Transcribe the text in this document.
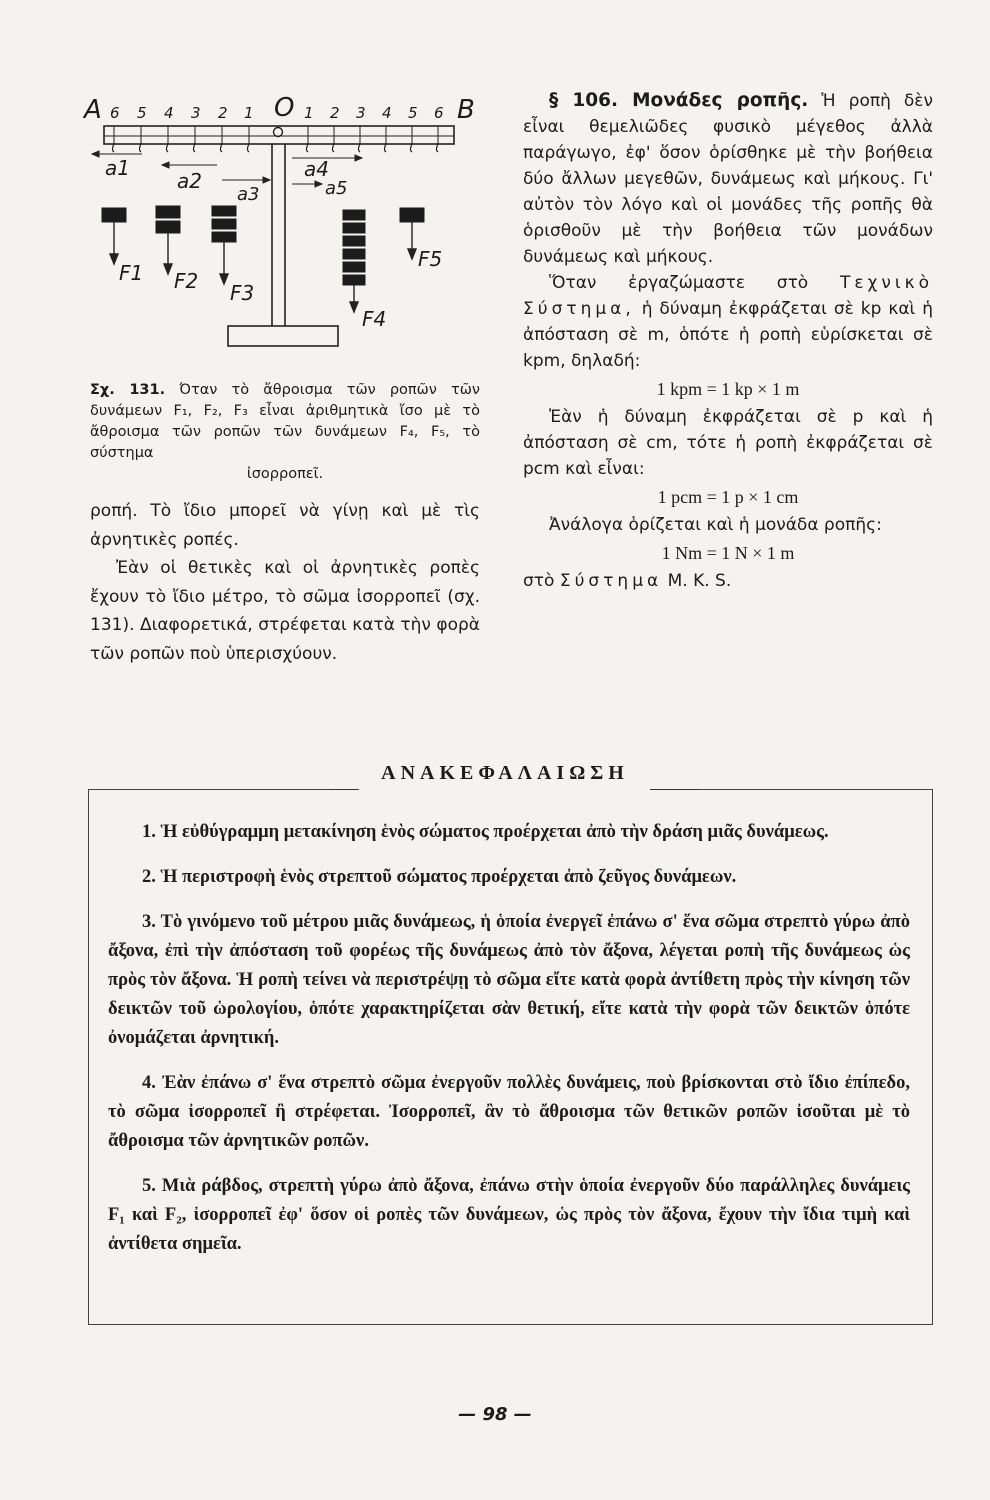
A	B
O
6 5 4 3 2 1	1 2 3 4 5 6
a1
a2
a3
a4
a5
F1 F2 F3
F4
F5
Σχ. 131. Όταν τὸ ἄθροισμα τῶν ροπῶν τῶν δυνάμεων F₁, F₂, F₃ εἶναι ἀριθμητικὰ ἴσο μὲ τὸ ἄθροισμα τῶν ροπῶν τῶν δυνάμεων F₄, F₅, τὸ σύστημα
ἰσορροπεῖ.

ροπή. Τὸ ἴδιο μπορεῖ νὰ γίνῃ καὶ μὲ τὶς ἀρνητικὲς ροπές.

Ἐὰν οἱ θετικὲς καὶ οἱ ἀρνητικὲς ροπὲς ἔχουν τὸ ἴδιο μέτρο, τὸ σῶμα ἰσορροπεῖ (σχ. 131). Διαφορετικά, στρέφεται κατὰ τὴν φορὰ τῶν ροπῶν ποὺ ὑπερισχύουν.

§ 106. Μονάδες ροπῆς. Ἡ ροπὴ δὲν εἶναι θεμελιῶδες φυσικὸ μέγεθος ἀλλὰ παράγωγο, ἐφ' ὅσον ὁρίσθηκε μὲ τὴν βοήθεια δύο ἄλλων μεγεθῶν, δυνάμεως καὶ μήκους. Γι' αὐτὸν τὸν λόγο καὶ οἱ μονάδες τῆς ροπῆς θὰ ὁρισθοῦν μὲ τὴν βοήθεια τῶν μονάδων δυνάμεως καὶ μήκους.

Ὅταν ἐργαζώμαστε στὸ Τεχνικὸ Σύστημα, ἡ δύναμη ἐκφράζεται σὲ kp καὶ ἡ ἀπόσταση σὲ m, ὁπότε ἡ ροπὴ εὑρίσκεται σὲ kpm, δηλαδή:

1 kpm = 1 kp × 1 m

Ἐὰν ἡ δύναμη ἐκφράζεται σὲ p καὶ ἡ ἀπόσταση σὲ cm, τότε ἡ ροπὴ ἐκφράζεται σὲ pcm καὶ εἶναι:

1 pcm = 1 p × 1 cm

Ἀνάλογα ὁρίζεται καὶ ἡ μονάδα ροπῆς:

1 Nm = 1 N × 1 m

στὸ Σύστημα M. K. S.

ΑΝΑΚΕΦΑΛΑΙΩΣΗ

1. Ἡ εὐθύγραμμη μετακίνηση ἑνὸς σώματος προέρχεται ἀπὸ τὴν δράση μιᾶς δυνάμεως.

2. Ἡ περιστροφὴ ἑνὸς στρεπτοῦ σώματος προέρχεται ἀπὸ ζεῦγος δυνάμεων.

3. Τὸ γινόμενο τοῦ μέτρου μιᾶς δυνάμεως, ἡ ὁποία ἐνεργεῖ ἐπάνω σ' ἕνα σῶμα στρεπτὸ γύρω ἀπὸ ἄξονα, ἐπὶ τὴν ἀπόσταση τοῦ φορέως τῆς δυνάμεως ἀπὸ τὸν ἄξονα, λέγεται ροπὴ τῆς δυνάμεως ὡς πρὸς τὸν ἄξονα. Ἡ ροπὴ τείνει νὰ περιστρέψῃ τὸ σῶμα εἴτε κατὰ φορὰ ἀντίθετη πρὸς τὴν κίνηση τῶν δεικτῶν τοῦ ὡρολογίου, ὁπότε χαρακτηρίζεται σὰν θετική, εἴτε κατὰ τὴν φορὰ τῶν δεικτῶν ὁπότε ὀνομάζεται ἀρνητική.

4. Ἐὰν ἐπάνω σ' ἕνα στρεπτὸ σῶμα ἐνεργοῦν πολλὲς δυνάμεις, ποὺ βρίσκονται στὸ ἴδιο ἐπίπεδο, τὸ σῶμα ἰσορροπεῖ ἢ στρέφεται. Ἰσορροπεῖ, ἂν τὸ ἄθροισμα τῶν θετικῶν ροπῶν ἰσοῦται μὲ τὸ ἄθροισμα τῶν ἀρνητικῶν ροπῶν.

5. Μιὰ ράβδος, στρεπτὴ γύρω ἀπὸ ἄξονα, ἐπάνω στὴν ὁποία ἐνεργοῦν δύο παράλληλες δυνάμεις F₁ καὶ F₂, ἰσορροπεῖ ἐφ' ὅσον οἱ ροπὲς τῶν δυνάμεων, ὡς πρὸς τὸν ἄξονα, ἔχουν τὴν ἴδια τιμὴ καὶ ἀντίθετα σημεῖα.

— 98 —
